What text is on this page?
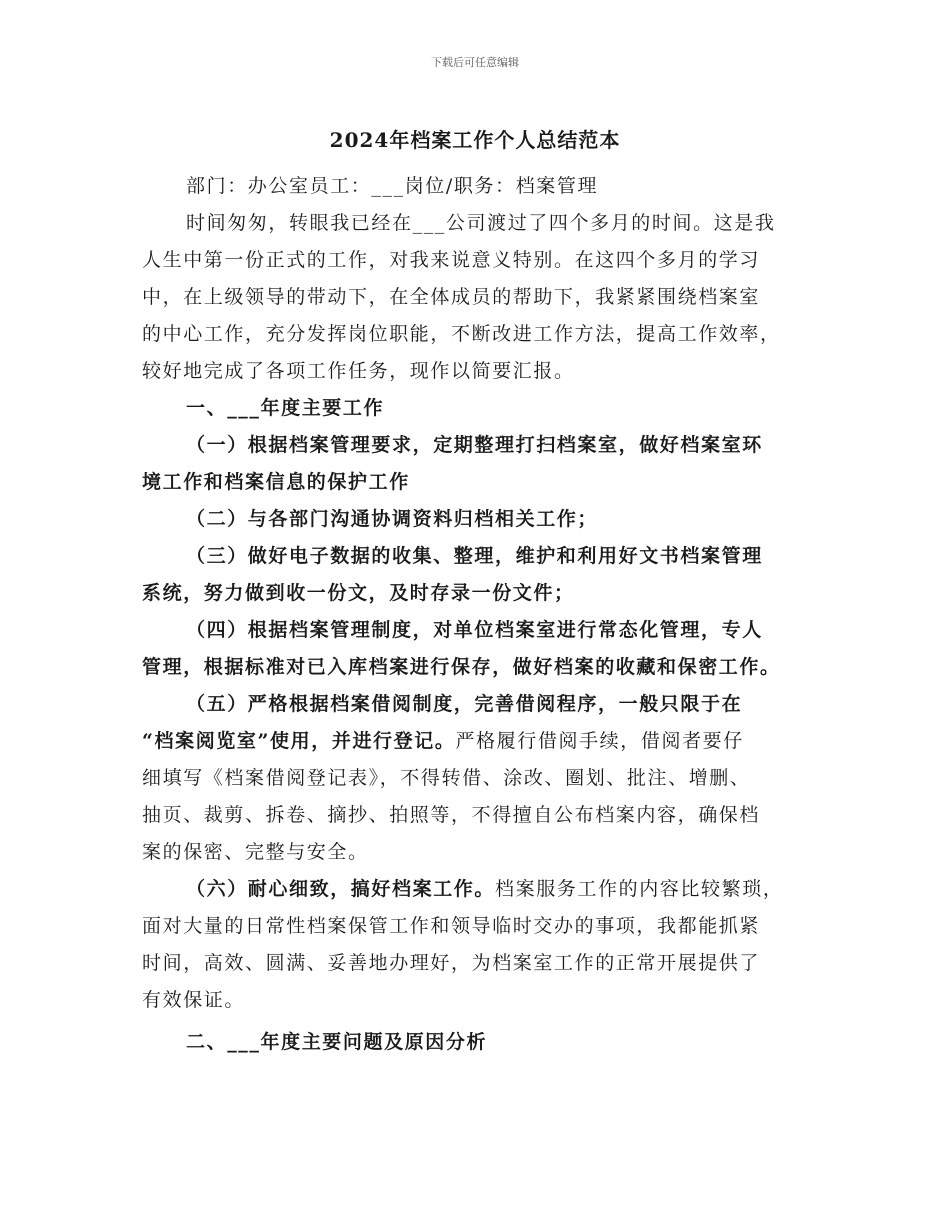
下载后可任意编辑
2024年档案工作个人总结范本
部门：办公室员工：___岗位/职务：档案管理
时间匆匆，转眼我已经在___公司渡过了四个多月的时间。这是我
人生中第一份正式的工作，对我来说意义特别。在这四个多月的学习
中，在上级领导的带动下，在全体成员的帮助下，我紧紧围绕档案室
的中心工作，充分发挥岗位职能，不断改进工作方法，提高工作效率，
较好地完成了各项工作任务，现作以简要汇报。
一、___年度主要工作
（一）根据档案管理要求，定期整理打扫档案室，做好档案室环
境工作和档案信息的保护工作
（二）与各部门沟通协调资料归档相关工作；
（三）做好电子数据的收集、整理，维护和利用好文书档案管理
系统，努力做到收一份文，及时存录一份文件；
（四）根据档案管理制度，对单位档案室进行常态化管理，专人
管理，根据标准对已入库档案进行保存，做好档案的收藏和保密工作。
（五）严格根据档案借阅制度，完善借阅程序，一般只限于在
“档案阅览室”使用，并进行登记。严格履行借阅手续，借阅者要仔
细填写《档案借阅登记表》，不得转借、涂改、圈划、批注、增删、
抽页、裁剪、拆卷、摘抄、拍照等，不得擅自公布档案内容，确保档
案的保密、完整与安全。
（六）耐心细致，搞好档案工作。档案服务工作的内容比较繁琐，
面对大量的日常性档案保管工作和领导临时交办的事项，我都能抓紧
时间，高效、圆满、妥善地办理好，为档案室工作的正常开展提供了
有效保证。
二、___年度主要问题及原因分析
